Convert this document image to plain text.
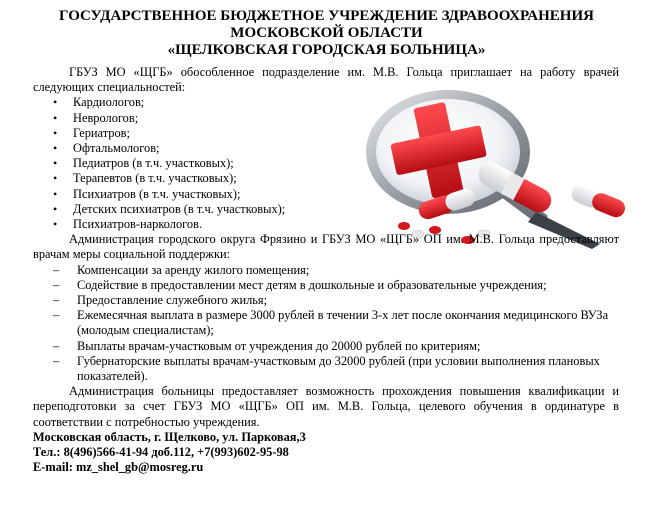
ГОСУДАРСТВЕННОЕ БЮДЖЕТНОЕ УЧРЕЖДЕНИЕ ЗДРАВООХРАНЕНИЯ
МОСКОВСКОЙ ОБЛАСТИ
«ЩЕЛКОВСКАЯ ГОРОДСКАЯ БОЛЬНИЦА»
ГБУЗ МО «ЩГБ» обособленное подразделение им. М.В. Гольца приглашает на работу врачей следующих специальностей:
• Кардиологов;
• Неврологов;
• Гериатров;
• Офтальмологов;
• Педиатров (в т.ч. участковых);
• Терапевтов (в т.ч. участковых);
• Психиатров (в т.ч. участковых);
• Детских психиатров (в т.ч. участковых);
• Психиатров-наркологов.
Администрация городского округа Фрязино и ГБУЗ МО «ЩГБ» ОП им. М.В. Гольца предоставляют врачам меры социальной поддержки:
– Компенсации за аренду жилого помещения;
– Содействие в предоставлении мест детям в дошкольные и образовательные учреждения;
– Предоставление служебного жилья;
– Ежемесячная выплата в размере 3000 рублей в течении 3-х лет после окончания медицинского ВУЗа (молодым специалистам);
– Выплаты врачам-участковым от учреждения до 20000 рублей по критериям;
– Губернаторские выплаты врачам-участковым до 32000 рублей (при условии выполнения плановых показателей).
Администрация больницы предоставляет возможность прохождения повышения квалификации и переподготовки за счет ГБУЗ МО «ЩГБ» ОП им. М.В. Гольца, целевого обучения в ординатуре в соответствии с потребностью учреждения.
Московская область, г. Щелково, ул. Парковая,3
Тел.: 8(496)566-41-94 доб.112, +7(993)602-95-98
E-mail: mz_shel_gb@mosreg.ru
